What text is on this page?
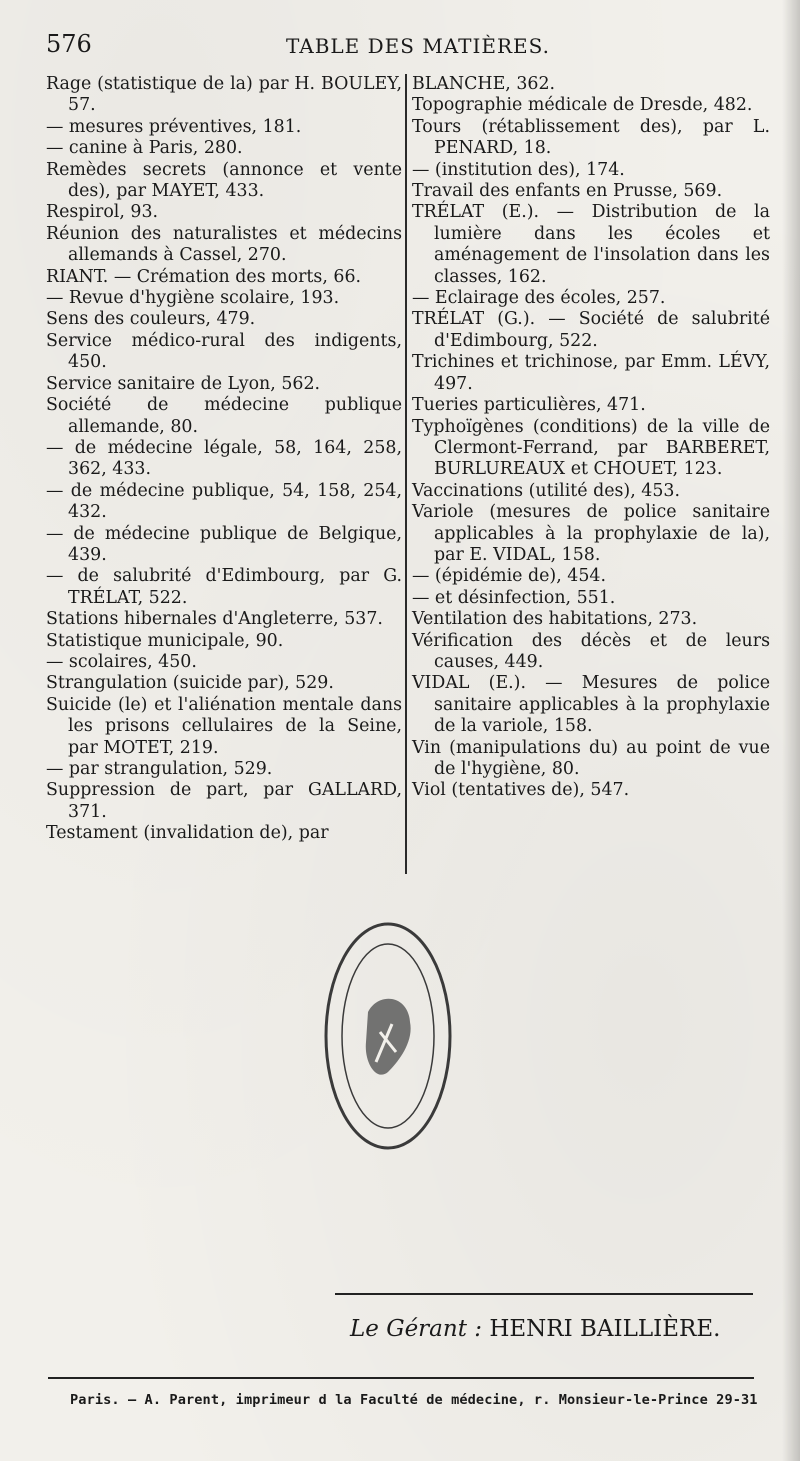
576	TABLE DES MATIÈRES.

Rage (statistique de la) par H. BOULEY, 57.

— mesures préventives, 181.

— canine à Paris, 280.

Remèdes secrets (annonce et vente des), par MAYET, 433.

Respirol, 93.

Réunion des naturalistes et médecins allemands à Cassel, 270.

RIANT. — Crémation des morts, 66.

— Revue d'hygiène scolaire, 193.

Sens des couleurs, 479.

Service médico-rural des indigents, 450.

Service sanitaire de Lyon, 562.

Société de médecine publique allemande, 80.

— de médecine légale, 58, 164, 258, 362, 433.

— de médecine publique, 54, 158, 254, 432.

— de médecine publique de Belgique, 439.

— de salubrité d'Edimbourg, par G. TRÉLAT, 522.

Stations hibernales d'Angleterre, 537.

Statistique municipale, 90.

— scolaires, 450.

Strangulation (suicide par), 529.

Suicide (le) et l'aliénation mentale dans les prisons cellulaires de la Seine, par MOTET, 219.

— par strangulation, 529.

Suppression de part, par GALLARD, 371.

Testament (invalidation de), par

BLANCHE, 362.

Topographie médicale de Dresde, 482.

Tours (rétablissement des), par L. PENARD, 18.

— (institution des), 174.

Travail des enfants en Prusse, 569.

TRÉLAT (E.). — Distribution de la lumière dans les écoles et aménagement de l'insolation dans les classes, 162.

— Eclairage des écoles, 257.

TRÉLAT (G.). — Société de salubrité d'Edimbourg, 522.

Trichines et trichinose, par Emm. LÉVY, 497.

Tueries particulières, 471.

Typhoïgènes (conditions) de la ville de Clermont-Ferrand, par BARBERET, BURLUREAUX et CHOUET, 123.

Vaccinations (utilité des), 453.

Variole (mesures de police sanitaire applicables à la prophylaxie de la), par E. VIDAL, 158.

— (épidémie de), 454.

— et désinfection, 551.

Ventilation des habitations, 273.

Vérification des décès et de leurs causes, 449.

VIDAL (E.). — Mesures de police sanitaire applicables à la prophylaxie de la variole, 158.

Vin (manipulations du) au point de vue de l'hygiène, 80.

Viol (tentatives de), 547.

Le Gérant : HENRI BAILLIÈRE.
Paris. — A. Parent, imprimeur d la Faculté de médecine, r. Monsieur-le-Prince 29-31
